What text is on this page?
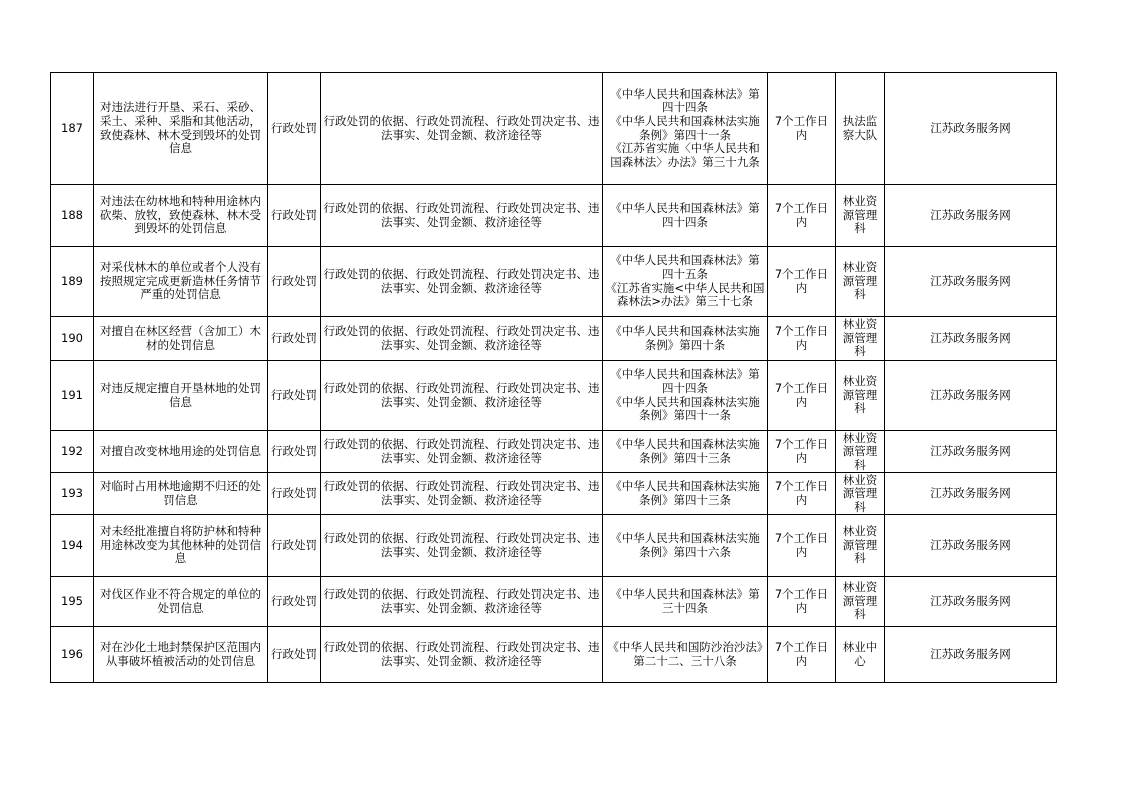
187	对违法进行开垦、采石、采砂、采土、采种、采脂和其他活动，致使森林、林木受到毁坏的处罚信息	行政处罚	行政处罚的依据、行政处罚流程、行政处罚决定书、违法事实、处罚金额、救济途径等	《中华人民共和国森林法》第四十四条
《中华人民共和国森林法实施条例》第四十一条
《江苏省实施〈中华人民共和国森林法〉办法》第三十九条	7个工作日内	执法监察大队	江苏政务服务网

188	对违法在幼林地和特种用途林内砍柴、放牧，致使森林、林木受到毁坏的处罚信息	行政处罚	行政处罚的依据、行政处罚流程、行政处罚决定书、违法事实、处罚金额、救济途径等	《中华人民共和国森林法》第四十四条	7个工作日内	林业资源管理科	江苏政务服务网

189	对采伐林木的单位或者个人没有按照规定完成更新造林任务情节严重的处罚信息	行政处罚	行政处罚的依据、行政处罚流程、行政处罚决定书、违法事实、处罚金额、救济途径等	《中华人民共和国森林法》第四十五条
《江苏省实施<中华人民共和国森林法>办法》第三十七条	7个工作日内	林业资源管理科	江苏政务服务网

190	对擅自在林区经营（含加工）木材的处罚信息	行政处罚	行政处罚的依据、行政处罚流程、行政处罚决定书、违法事实、处罚金额、救济途径等	《中华人民共和国森林法实施条例》第四十条	7个工作日内	林业资源管理科	江苏政务服务网

191	对违反规定擅自开垦林地的处罚信息	行政处罚	行政处罚的依据、行政处罚流程、行政处罚决定书、违法事实、处罚金额、救济途径等	《中华人民共和国森林法》第四十四条
《中华人民共和国森林法实施条例》第四十一条	7个工作日内	林业资源管理科	江苏政务服务网

192	对擅自改变林地用途的处罚信息	行政处罚	行政处罚的依据、行政处罚流程、行政处罚决定书、违法事实、处罚金额、救济途径等	《中华人民共和国森林法实施条例》第四十三条	7个工作日内	林业资源管理科	江苏政务服务网

193	对临时占用林地逾期不归还的处罚信息	行政处罚	行政处罚的依据、行政处罚流程、行政处罚决定书、违法事实、处罚金额、救济途径等	《中华人民共和国森林法实施条例》第四十三条	7个工作日内	林业资源管理科	江苏政务服务网

194	对未经批准擅自将防护林和特种用途林改变为其他林种的处罚信息	行政处罚	行政处罚的依据、行政处罚流程、行政处罚决定书、违法事实、处罚金额、救济途径等	《中华人民共和国森林法实施条例》第四十六条	7个工作日内	林业资源管理科	江苏政务服务网

195	对伐区作业不符合规定的单位的处罚信息	行政处罚	行政处罚的依据、行政处罚流程、行政处罚决定书、违法事实、处罚金额、救济途径等	《中华人民共和国森林法》第三十四条	7个工作日内	林业资源管理科	江苏政务服务网

196	对在沙化土地封禁保护区范围内从事破坏植被活动的处罚信息	行政处罚	行政处罚的依据、行政处罚流程、行政处罚决定书、违法事实、处罚金额、救济途径等	《中华人民共和国防沙治沙法》第二十二、三十八条	7个工作日内	林业中心	江苏政务服务网
